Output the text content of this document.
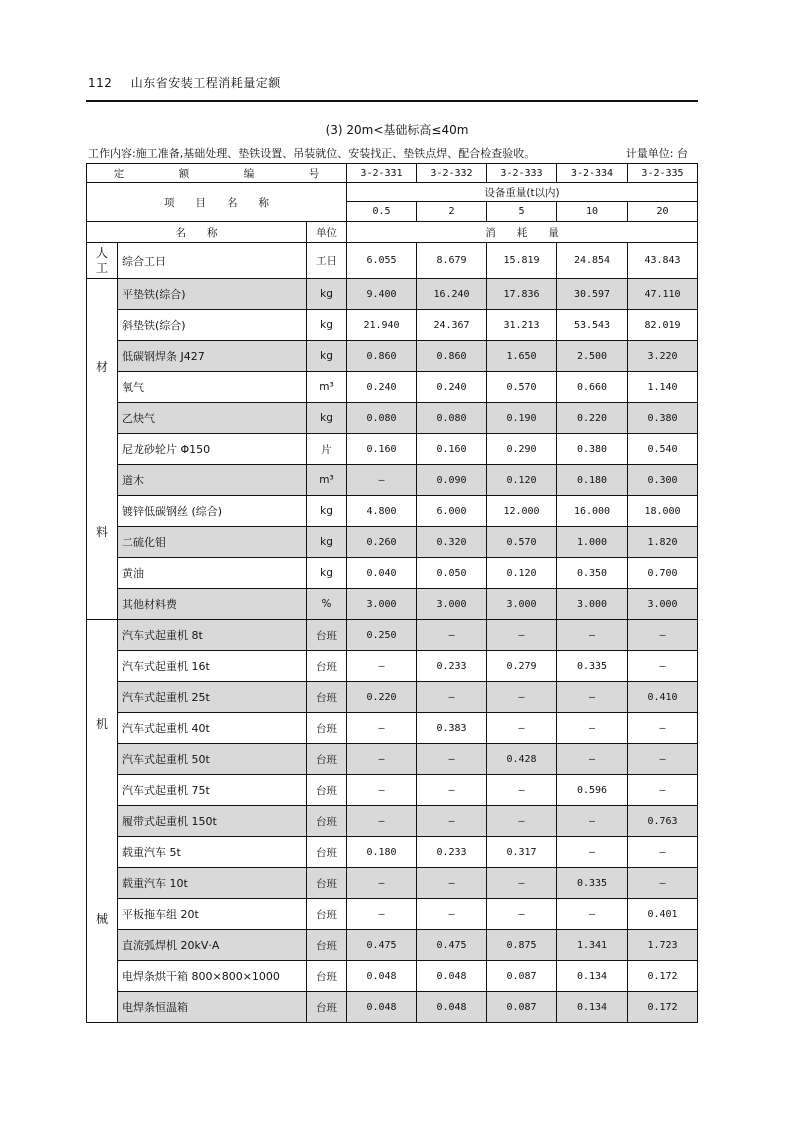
112 山东省安装工程消耗量定额
(3) 20m<基础标高≤40m
工作内容:施工准备,基础处理、垫铁设置、吊装就位、安装找正、垫铁点焊、配合检查验收。	计量单位: 台
定　额　编　号			3-2-331	3-2-332	3-2-333	3-2-334	3-2-335
项　　目　　名　　称			设备重量(t以内)				
			0.5	2	5	10	20
名　　称		单位	消　　耗　　量				

人
工	综合工日	工日	6.055	8.679	15.819	24.854	43.843

材
料	平垫铁(综合)	kg	9.400	16.240	17.836	30.597	47.110
	斜垫铁(综合)	kg	21.940	24.367	31.213	53.543	82.019
	低碳钢焊条 J427	kg	0.860	0.860	1.650	2.500	3.220
	氧气	m³	0.240	0.240	0.570	0.660	1.140
	乙炔气	kg	0.080	0.080	0.190	0.220	0.380
	尼龙砂轮片 Φ150	片	0.160	0.160	0.290	0.380	0.540
	道木	m³	—	0.090	0.120	0.180	0.300
	镀锌低碳钢丝 (综合)	kg	4.800	6.000	12.000	16.000	18.000
	二硫化钼	kg	0.260	0.320	0.570	1.000	1.820
	黄油	kg	0.040	0.050	0.120	0.350	0.700
	其他材料费	%	3.000	3.000	3.000	3.000	3.000

机
械	汽车式起重机 8t	台班	0.250	—	—	—	—
	汽车式起重机 16t	台班	—	0.233	0.279	0.335	—
	汽车式起重机 25t	台班	0.220	—	—	—	0.410
	汽车式起重机 40t	台班	—	0.383	—	—	—
	汽车式起重机 50t	台班	—	—	0.428	—	—
	汽车式起重机 75t	台班	—	—	—	0.596	—
	履带式起重机 150t	台班	—	—	—	—	0.763
	载重汽车 5t	台班	0.180	0.233	0.317	—	—
	载重汽车 10t	台班	—	—	—	0.335	—
	平板拖车组 20t	台班	—	—	—	—	0.401
	直流弧焊机 20kV·A	台班	0.475	0.475	0.875	1.341	1.723
	电焊条烘干箱 800×800×1000	台班	0.048	0.048	0.087	0.134	0.172
	电焊条恒温箱	台班	0.048	0.048	0.087	0.134	0.172
